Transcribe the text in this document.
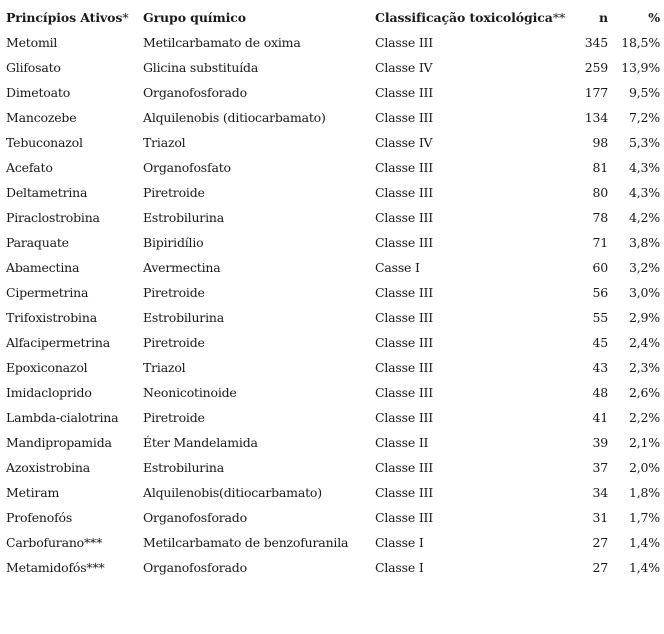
Princípios Ativos*	Grupo químico	Classificação toxicológica**	n	%
Metomil	Metilcarbamato de oxima	Classe III	345	18,5%
Glifosato	Glicina substituída	Classe IV	259	13,9%
Dimetoato	Organofosforado	Classe III	177	9,5%
Mancozebe	Alquilenobis (ditiocarbamato)	Classe III	134	7,2%
Tebuconazol	Triazol	Classe IV	98	5,3%
Acefato	Organofosfato	Classe III	81	4,3%
Deltametrina	Piretroide	Classe III	80	4,3%
Piraclostrobina	Estrobilurina	Classe III	78	4,2%
Paraquate	Bipiridílio	Classe III	71	3,8%
Abamectina	Avermectina	Casse I	60	3,2%
Cipermetrina	Piretroide	Classe III	56	3,0%
Trifoxistrobina	Estrobilurina	Classe III	55	2,9%
Alfacipermetrina	Piretroide	Classe III	45	2,4%
Epoxiconazol	Triazol	Classe III	43	2,3%
Imidacloprido	Neonicotinoide	Classe III	48	2,6%
Lambda-cialotrina	Piretroide	Classe III	41	2,2%
Mandipropamida	Éter Mandelamida	Classe II	39	2,1%
Azoxistrobina	Estrobilurina	Classe III	37	2,0%
Metiram	Alquilenobis(ditiocarbamato)	Classe III	34	1,8%
Profenofós	Organofosforado	Classe III	31	1,7%
Carbofurano***	Metilcarbamato de benzofuranila	Classe I	27	1,4%
Metamidofós***	Organofosforado	Classe I	27	1,4%
